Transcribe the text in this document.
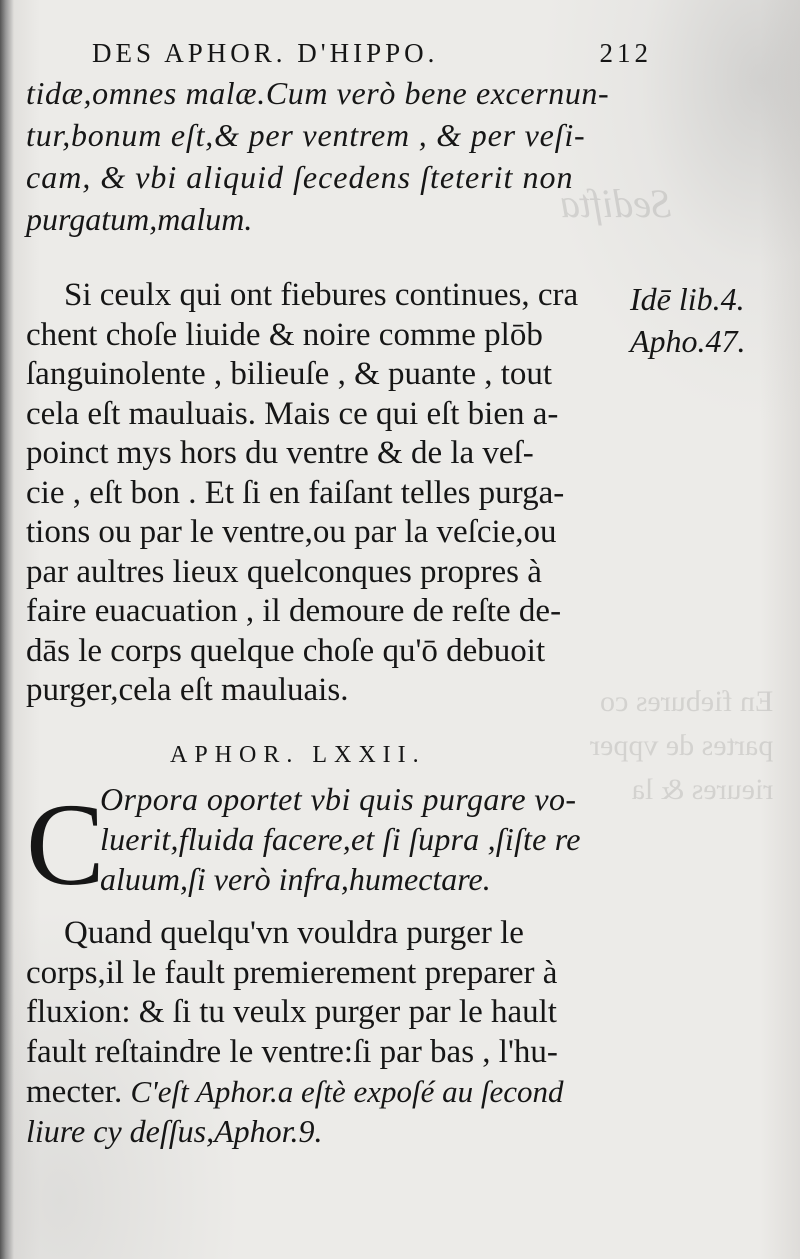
Sedifta
En fiebures co
partes de vpper
rieures & la
DES APHOR. D'HIPPO.	212
tidæ,omnes malæ.Cum verò bene excernun-
tur,bonum eſt,& per ventrem , & per veſi-
cam, & vbi aliquid ſecedens ſteterit non
purgatum,malum.
Idē lib.4.
Apho.47.
Si ceulx qui ont fiebures continues, cra
chent choſe liuide & noire comme plōb
ſanguinolente , bilieuſe , & puante , tout
cela eſt mauluais. Mais ce qui eſt bien a-
poinct mys hors du ventre & de la veſ-
cie , eſt bon . Et ſi en faiſant telles purga-
tions ou par le ventre,ou par la veſcie,ou
par aultres lieux quelconques propres à
faire euacuation , il demoure de reſte de-
dās le corps quelque choſe qu'ō debuoit
purger,cela eſt mauluais.
APHOR. LXXII.
C
Orpora oportet vbi quis purgare vo-
luerit,fluida facere,et ſi ſupra ,ſiſte re
aluum,ſi verò infra,humectare.
Quand quelqu'vn vouldra purger le
corps,il le fault premierement preparer à
fluxion: & ſi tu veulx purger par le hault
fault reſtaindre le ventre:ſi par bas , l'hu-
mecter. C'eſt Aphor.a eſtè expoſé au ſecond
liure cy deſſus,Aphor.9.
